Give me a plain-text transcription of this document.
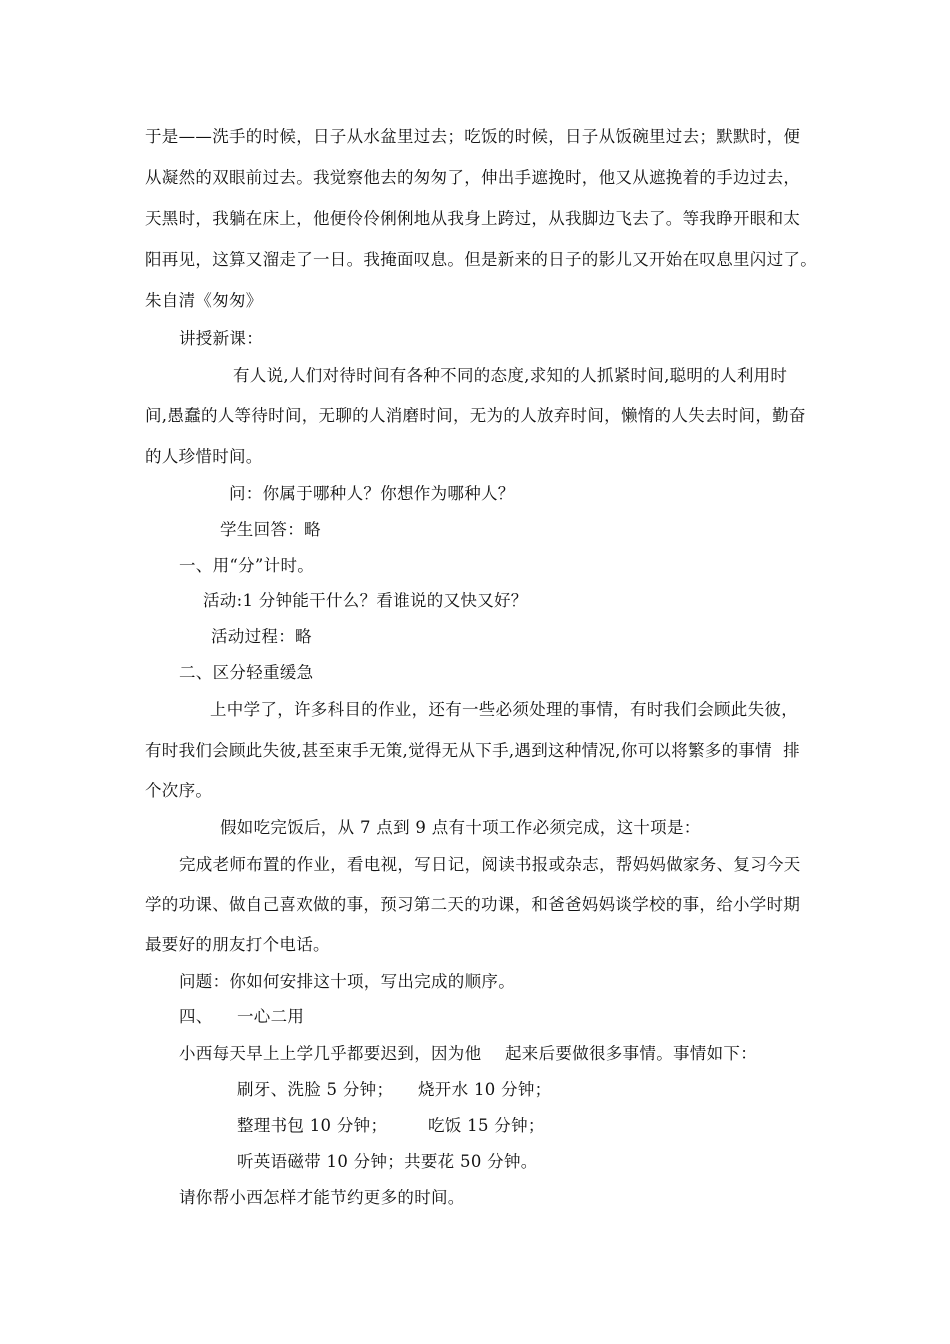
于是——洗手的时候，日子从水盆里过去；吃饭的时候，日子从饭碗里过去；默默时，便
从凝然的双眼前过去。我觉察他去的匆匆了，伸出手遮挽时，他又从遮挽着的手边过去，
天黑时，我躺在床上，他便伶伶俐俐地从我身上跨过，从我脚边飞去了。等我睁开眼和太
阳再见，这算又溜走了一日。我掩面叹息。但是新来的日子的影儿又开始在叹息里闪过了。
朱自清《匆匆》
讲授新课：
有人说,人们对待时间有各种不同的态度,求知的人抓紧时间,聪明的人利用时
间,愚蠢的人等待时间，无聊的人消磨时间，无为的人放弃时间，懒惰的人失去时间，勤奋
的人珍惜时间。
问：你属于哪种人？你想作为哪种人？
学生回答：略
一、用“分”计时。
活动:1 分钟能干什么？看谁说的又快又好？
活动过程：略
二、区分轻重缓急
上中学了，许多科目的作业，还有一些必须处理的事情，有时我们会顾此失彼，
有时我们会顾此失彼,甚至束手无策,觉得无从下手,遇到这种情况,你可以将繁多的事情  排
个次序。
假如吃完饭后，从 7 点到 9 点有十项工作必须完成，这十项是：
完成老师布置的作业，看电视，写日记，阅读书报或杂志，帮妈妈做家务、复习今天
学的功课、做自己喜欢做的事，预习第二天的功课，和爸爸妈妈谈学校的事，给小学时期
最要好的朋友打个电话。
问题：你如何安排这十项，写出完成的顺序。
四、 一心二用
小西每天早上上学几乎都要迟到，因为他 起来后要做很多事情。事情如下：
刷牙、洗脸 5 分钟； 烧开水 10 分钟；
整理书包 10 分钟； 吃饭 15 分钟；
听英语磁带 10 分钟；共要花 50 分钟。
请你帮小西怎样才能节约更多的时间。
